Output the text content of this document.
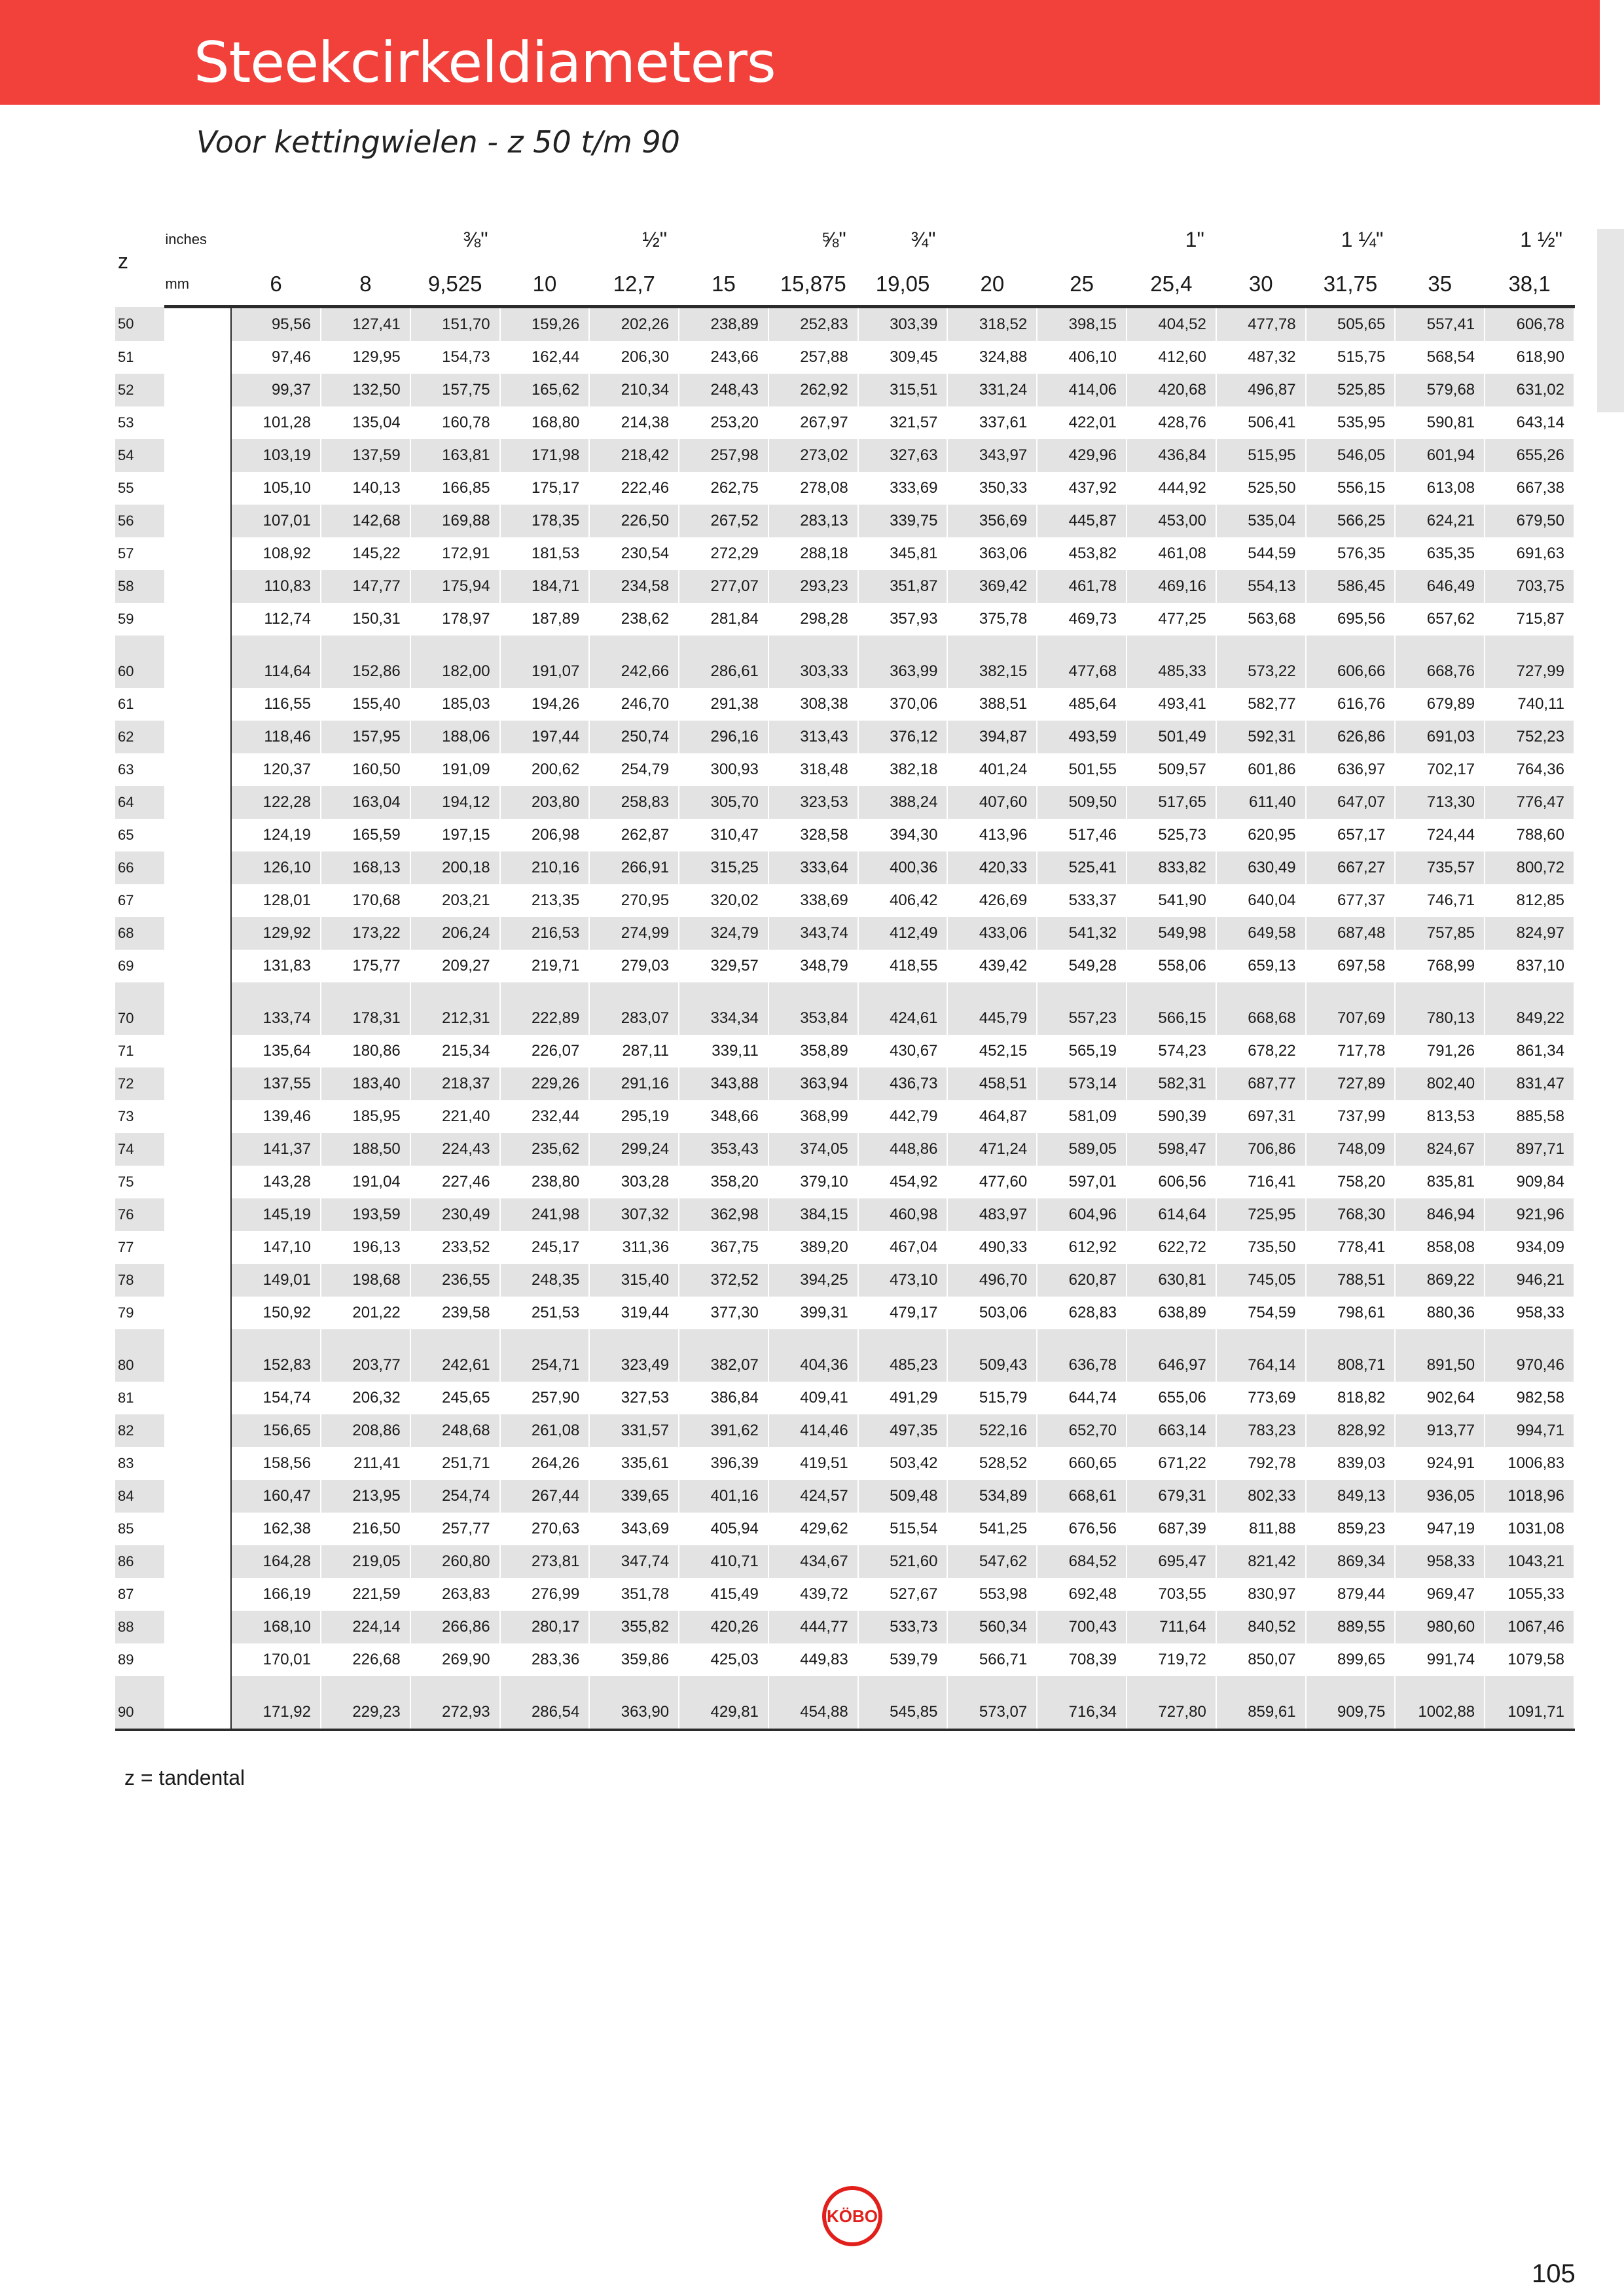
Steekcirkeldiameters
Voor kettingwielen - z 50 t/m 90
z	inches			⅜"		½"		⅝"	¾"			1"		1 ¼"		1 ½"

	mm	6	8	9,525	10	12,7	15	15,875	19,05	20	25	25,4	30	31,75	35	38,1
50		95,56	127,41	151,70	159,26	202,26	238,89	252,83	303,39	318,52	398,15	404,52	477,78	505,65	557,41	606,78
51		97,46	129,95	154,73	162,44	206,30	243,66	257,88	309,45	324,88	406,10	412,60	487,32	515,75	568,54	618,90
52		99,37	132,50	157,75	165,62	210,34	248,43	262,92	315,51	331,24	414,06	420,68	496,87	525,85	579,68	631,02
53		101,28	135,04	160,78	168,80	214,38	253,20	267,97	321,57	337,61	422,01	428,76	506,41	535,95	590,81	643,14
54		103,19	137,59	163,81	171,98	218,42	257,98	273,02	327,63	343,97	429,96	436,84	515,95	546,05	601,94	655,26
55		105,10	140,13	166,85	175,17	222,46	262,75	278,08	333,69	350,33	437,92	444,92	525,50	556,15	613,08	667,38
56		107,01	142,68	169,88	178,35	226,50	267,52	283,13	339,75	356,69	445,87	453,00	535,04	566,25	624,21	679,50
57		108,92	145,22	172,91	181,53	230,54	272,29	288,18	345,81	363,06	453,82	461,08	544,59	576,35	635,35	691,63
58		110,83	147,77	175,94	184,71	234,58	277,07	293,23	351,87	369,42	461,78	469,16	554,13	586,45	646,49	703,75
59		112,74	150,31	178,97	187,89	238,62	281,84	298,28	357,93	375,78	469,73	477,25	563,68	695,56	657,62	715,87

60		114,64	152,86	182,00	191,07	242,66	286,61	303,33	363,99	382,15	477,68	485,33	573,22	606,66	668,76	727,99
61		116,55	155,40	185,03	194,26	246,70	291,38	308,38	370,06	388,51	485,64	493,41	582,77	616,76	679,89	740,11
62		118,46	157,95	188,06	197,44	250,74	296,16	313,43	376,12	394,87	493,59	501,49	592,31	626,86	691,03	752,23
63		120,37	160,50	191,09	200,62	254,79	300,93	318,48	382,18	401,24	501,55	509,57	601,86	636,97	702,17	764,36
64		122,28	163,04	194,12	203,80	258,83	305,70	323,53	388,24	407,60	509,50	517,65	611,40	647,07	713,30	776,47
65		124,19	165,59	197,15	206,98	262,87	310,47	328,58	394,30	413,96	517,46	525,73	620,95	657,17	724,44	788,60
66		126,10	168,13	200,18	210,16	266,91	315,25	333,64	400,36	420,33	525,41	833,82	630,49	667,27	735,57	800,72
67		128,01	170,68	203,21	213,35	270,95	320,02	338,69	406,42	426,69	533,37	541,90	640,04	677,37	746,71	812,85
68		129,92	173,22	206,24	216,53	274,99	324,79	343,74	412,49	433,06	541,32	549,98	649,58	687,48	757,85	824,97
69		131,83	175,77	209,27	219,71	279,03	329,57	348,79	418,55	439,42	549,28	558,06	659,13	697,58	768,99	837,10

70		133,74	178,31	212,31	222,89	283,07	334,34	353,84	424,61	445,79	557,23	566,15	668,68	707,69	780,13	849,22
71		135,64	180,86	215,34	226,07	287,11	339,11	358,89	430,67	452,15	565,19	574,23	678,22	717,78	791,26	861,34
72		137,55	183,40	218,37	229,26	291,16	343,88	363,94	436,73	458,51	573,14	582,31	687,77	727,89	802,40	831,47
73		139,46	185,95	221,40	232,44	295,19	348,66	368,99	442,79	464,87	581,09	590,39	697,31	737,99	813,53	885,58
74		141,37	188,50	224,43	235,62	299,24	353,43	374,05	448,86	471,24	589,05	598,47	706,86	748,09	824,67	897,71
75		143,28	191,04	227,46	238,80	303,28	358,20	379,10	454,92	477,60	597,01	606,56	716,41	758,20	835,81	909,84
76		145,19	193,59	230,49	241,98	307,32	362,98	384,15	460,98	483,97	604,96	614,64	725,95	768,30	846,94	921,96
77		147,10	196,13	233,52	245,17	311,36	367,75	389,20	467,04	490,33	612,92	622,72	735,50	778,41	858,08	934,09
78		149,01	198,68	236,55	248,35	315,40	372,52	394,25	473,10	496,70	620,87	630,81	745,05	788,51	869,22	946,21
79		150,92	201,22	239,58	251,53	319,44	377,30	399,31	479,17	503,06	628,83	638,89	754,59	798,61	880,36	958,33

80		152,83	203,77	242,61	254,71	323,49	382,07	404,36	485,23	509,43	636,78	646,97	764,14	808,71	891,50	970,46
81		154,74	206,32	245,65	257,90	327,53	386,84	409,41	491,29	515,79	644,74	655,06	773,69	818,82	902,64	982,58
82		156,65	208,86	248,68	261,08	331,57	391,62	414,46	497,35	522,16	652,70	663,14	783,23	828,92	913,77	994,71
83		158,56	211,41	251,71	264,26	335,61	396,39	419,51	503,42	528,52	660,65	671,22	792,78	839,03	924,91	1006,83
84		160,47	213,95	254,74	267,44	339,65	401,16	424,57	509,48	534,89	668,61	679,31	802,33	849,13	936,05	1018,96
85		162,38	216,50	257,77	270,63	343,69	405,94	429,62	515,54	541,25	676,56	687,39	811,88	859,23	947,19	1031,08
86		164,28	219,05	260,80	273,81	347,74	410,71	434,67	521,60	547,62	684,52	695,47	821,42	869,34	958,33	1043,21
87		166,19	221,59	263,83	276,99	351,78	415,49	439,72	527,67	553,98	692,48	703,55	830,97	879,44	969,47	1055,33
88		168,10	224,14	266,86	280,17	355,82	420,26	444,77	533,73	560,34	700,43	711,64	840,52	889,55	980,60	1067,46
89		170,01	226,68	269,90	283,36	359,86	425,03	449,83	539,79	566,71	708,39	719,72	850,07	899,65	991,74	1079,58

90		171,92	229,23	272,93	286,54	363,90	429,81	454,88	545,85	573,07	716,34	727,80	859,61	909,75	1002,88	1091,71
z = tandental
KÖBO
105
